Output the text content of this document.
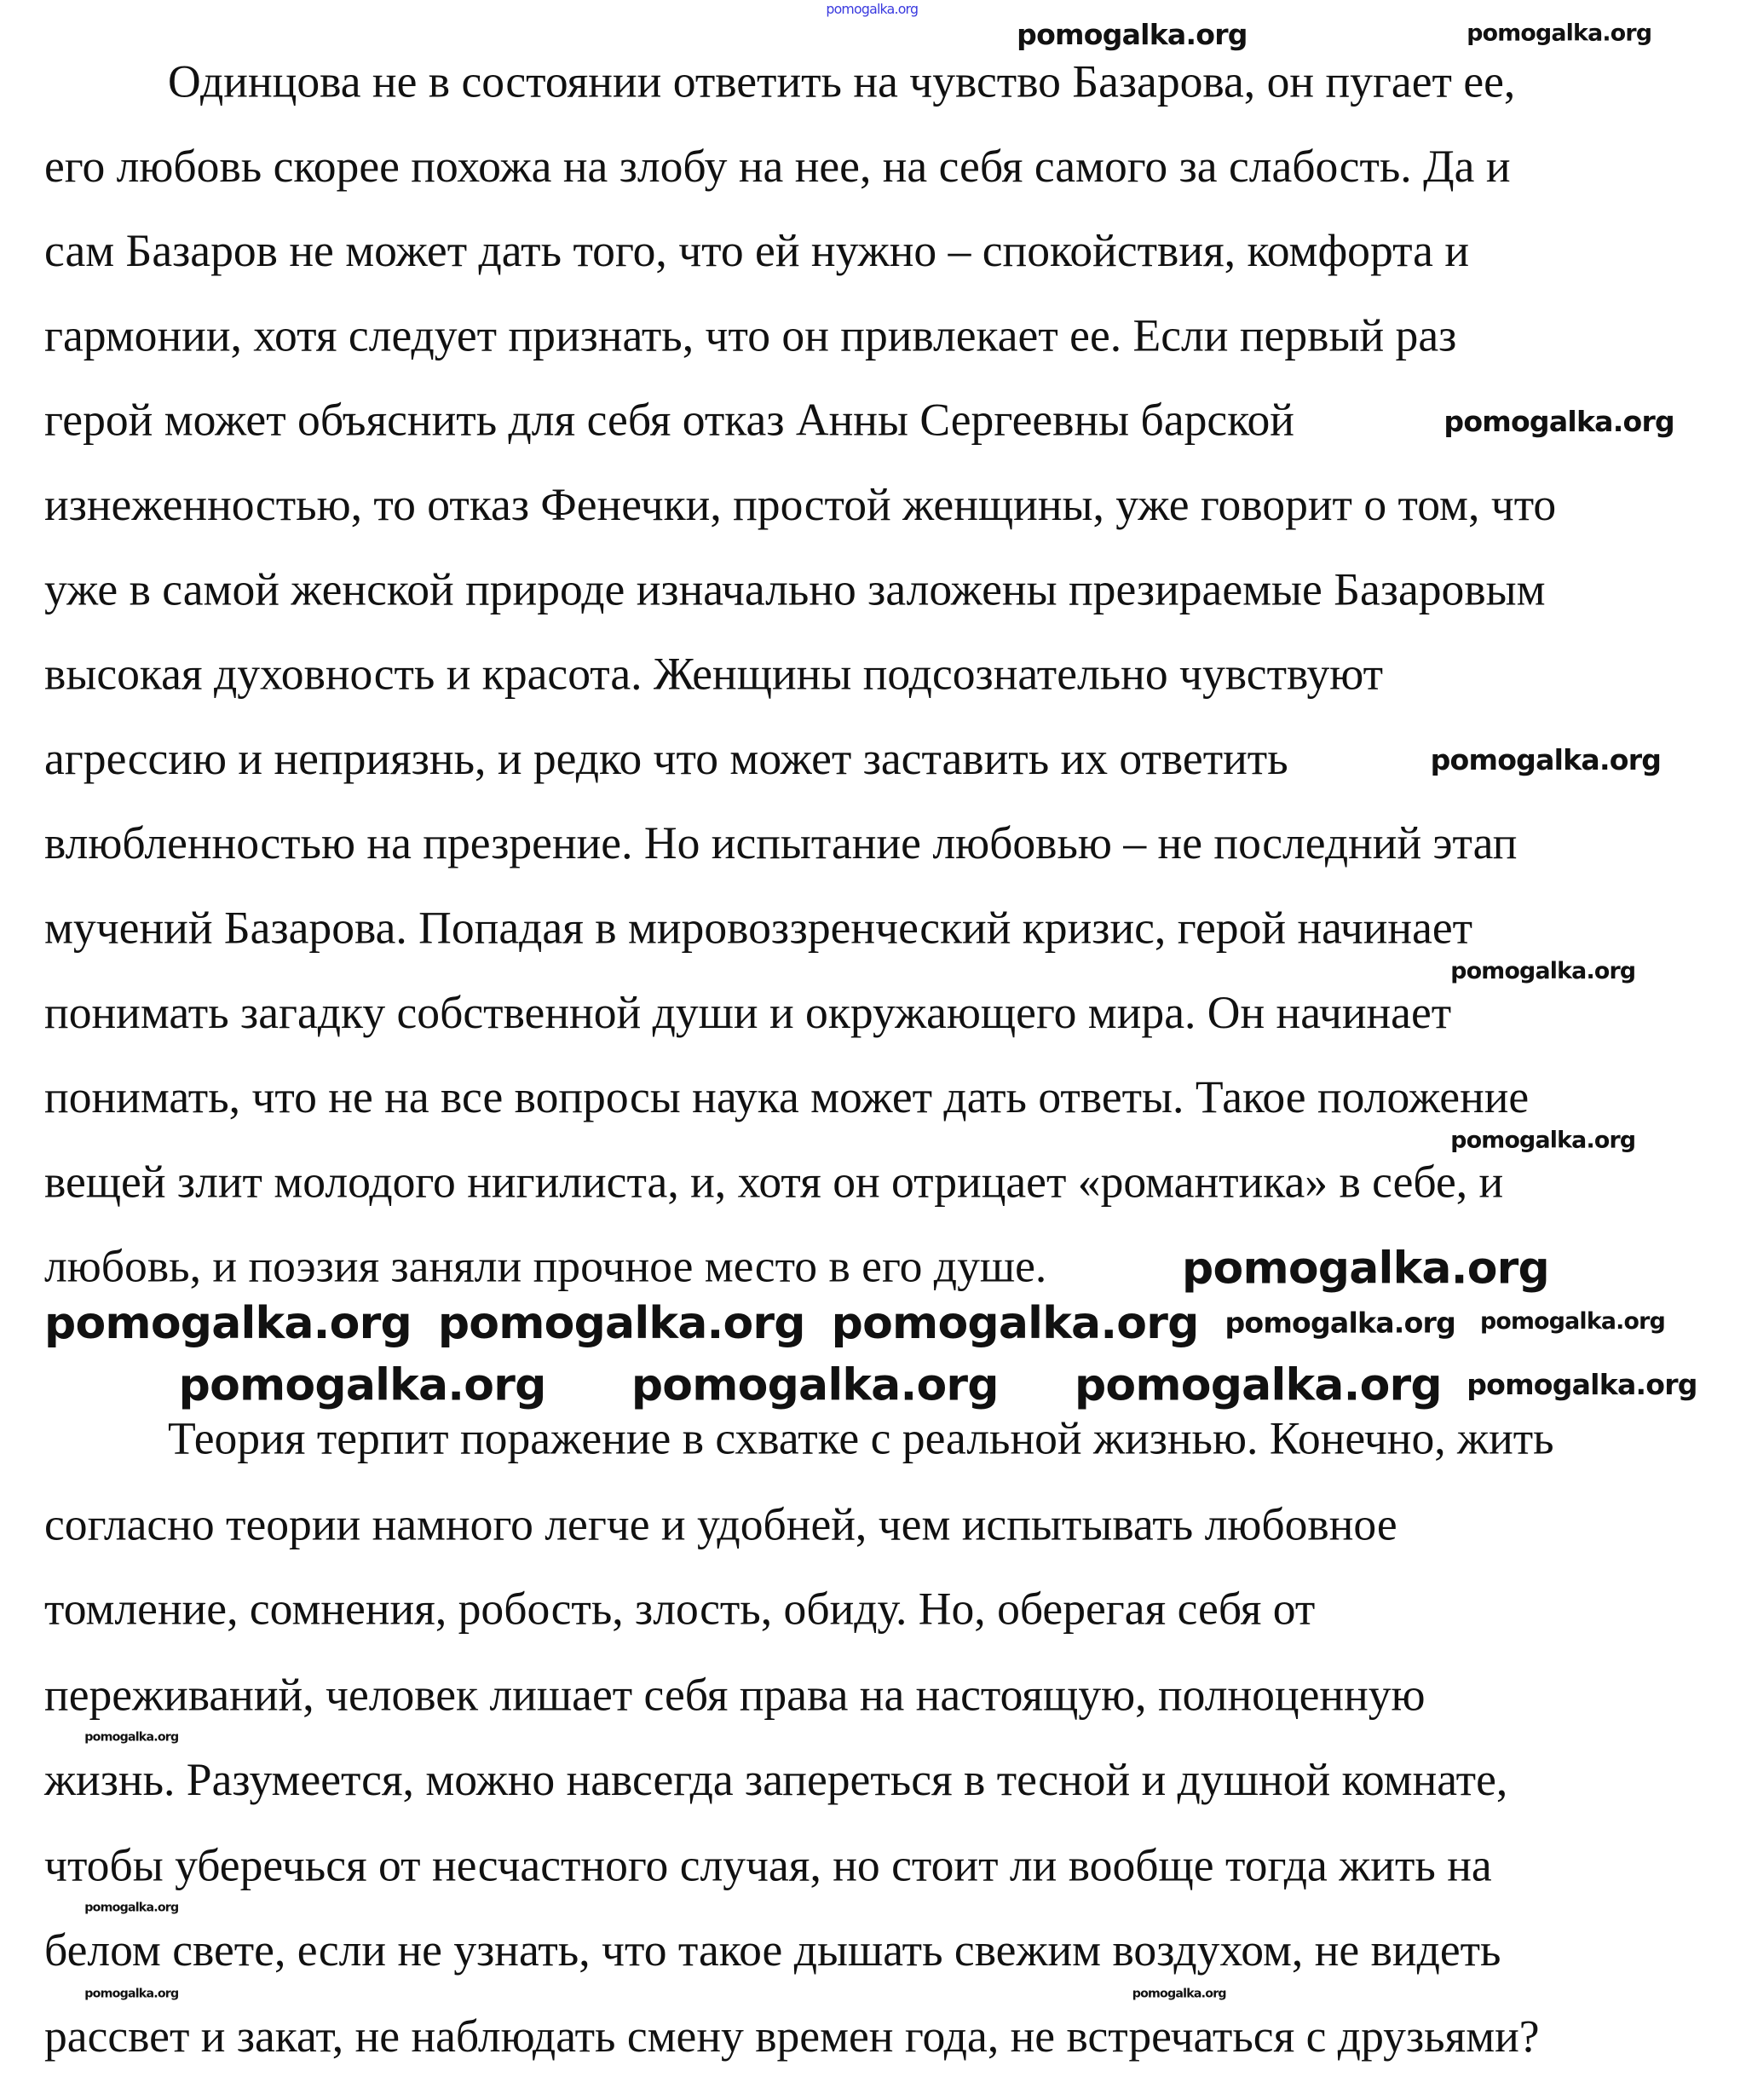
pomogalka.org
Одинцова не в состоянии ответить на чувство Базарова, он пугает ее,
его любовь скорее похожа на злобу на нее, на себя самого за слабость. Да и
сам Базаров не может дать того, что ей нужно – спокойствия, комфорта и
гармонии, хотя следует признать, что он привлекает ее. Если первый раз
герой может объяснить для себя отказ Анны Сергеевны барской
изнеженностью, то отказ Фенечки, простой женщины, уже говорит о том, что
уже в самой женской природе изначально заложены презираемые Базаровым
высокая духовность и красота. Женщины подсознательно чувствуют
агрессию и неприязнь, и редко что может заставить их ответить
влюбленностью на презрение. Но испытание любовью – не последний этап
мучений Базарова. Попадая в мировоззренческий кризис, герой начинает
понимать загадку собственной души и окружающего мира. Он начинает
понимать, что не на все вопросы наука может дать ответы. Такое положение
вещей злит молодого нигилиста, и, хотя он отрицает «романтика» в себе, и
любовь, и поэзия заняли прочное место в его душе.
Теория терпит поражение в схватке с реальной жизнью. Конечно, жить
согласно теории намного легче и удобней, чем испытывать любовное
томление, сомнения, робость, злость, обиду. Но, оберегая себя от
переживаний, человек лишает себя права на настоящую, полноценную
жизнь. Разумеется, можно навсегда запереться в тесной и душной комнате,
чтобы уберечься от несчастного случая, но стоит ли вообще тогда жить на
белом свете, если не узнать, что такое дышать свежим воздухом, не видеть
рассвет и закат, не наблюдать смену времен года, не встречаться с друзьями?
pomogalka.org	pomogalka.org
pomogalka.org
pomogalka.org
pomogalka.org
pomogalka.org
pomogalka.org
pomogalka.org pomogalka.org pomogalka.org pomogalka.org pomogalka.org
pomogalka.org	pomogalka.org	pomogalka.org pomogalka.org
pomogalka.org
pomogalka.org
pomogalka.org
pomogalka.org
